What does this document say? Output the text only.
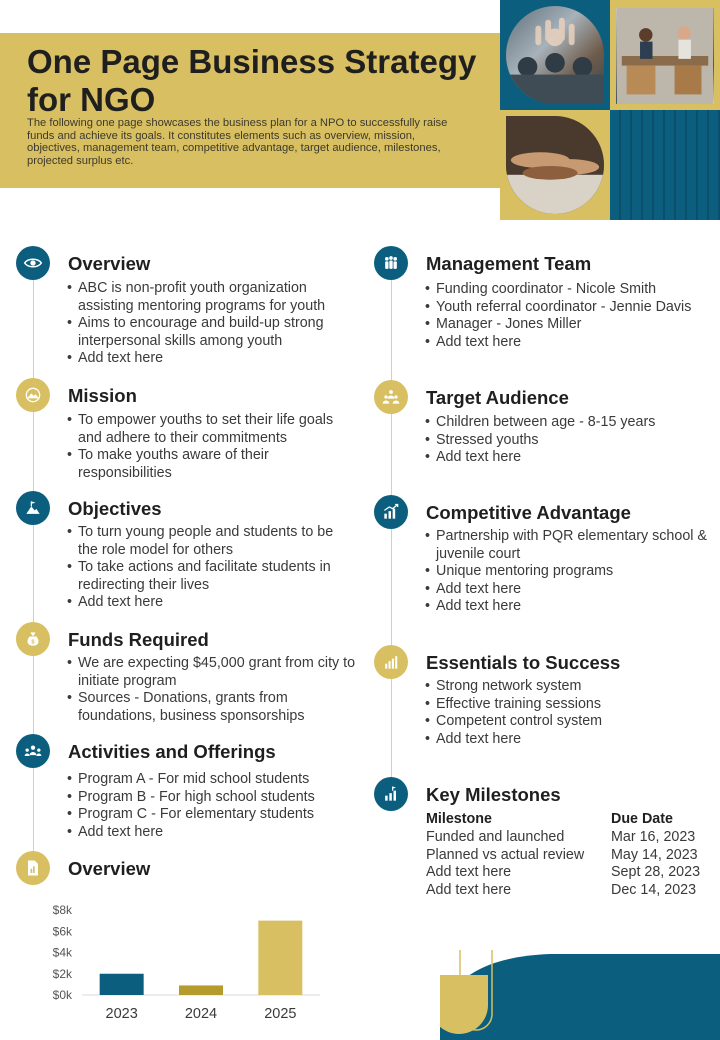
One Page Business Strategy for NGO

The following one page showcases the business plan for a NPO to successfully raise funds and achieve its goals. It constitutes elements such as overview, mission, objectives, management team, competitive advantage, target audience, milestones, projected surplus etc.

Overview
• ABC is non-profit youth organization assisting mentoring programs for youth
• Aims to encourage and build-up strong interpersonal skills among youth
• Add text here
Mission
• To empower youths to set their life goals and adhere to their commitments
• To make youths aware of their responsibilities
Objectives
• To turn young people and students to be the role model for others
• To take actions and facilitate students in redirecting their lives
• Add text here
$ Funds Required
• We are expecting $45,000 grant from city to initiate program
• Sources - Donations, grants from foundations, business sponsorships
Activities and Offerings
• Program A - For mid school students
• Program B - For high school students
• Program C - For elementary students
• Add text here
Overview
$0k
$2k
$4k
$6k
$8k
2023	2024	2025
Management Team
• Funding coordinator - Nicole Smith
• Youth referral coordinator - Jennie Davis
• Manager - Jones Miller
• Add text here
Target Audience
• Children between age - 8-15 years
• Stressed youths
• Add text here
Competitive Advantage
• Partnership with PQR elementary school & juvenile court
• Unique mentoring programs
• Add text here
• Add text here
Essentials to Success
• Strong network system
• Effective training sessions
• Competent control system
• Add text here
Key Milestones
Milestone	Due Date
Funded and launched	Mar 16, 2023
Planned vs actual review	May 14, 2023
Add text here	Sept 28, 2023
Add text here	Dec 14, 2023
